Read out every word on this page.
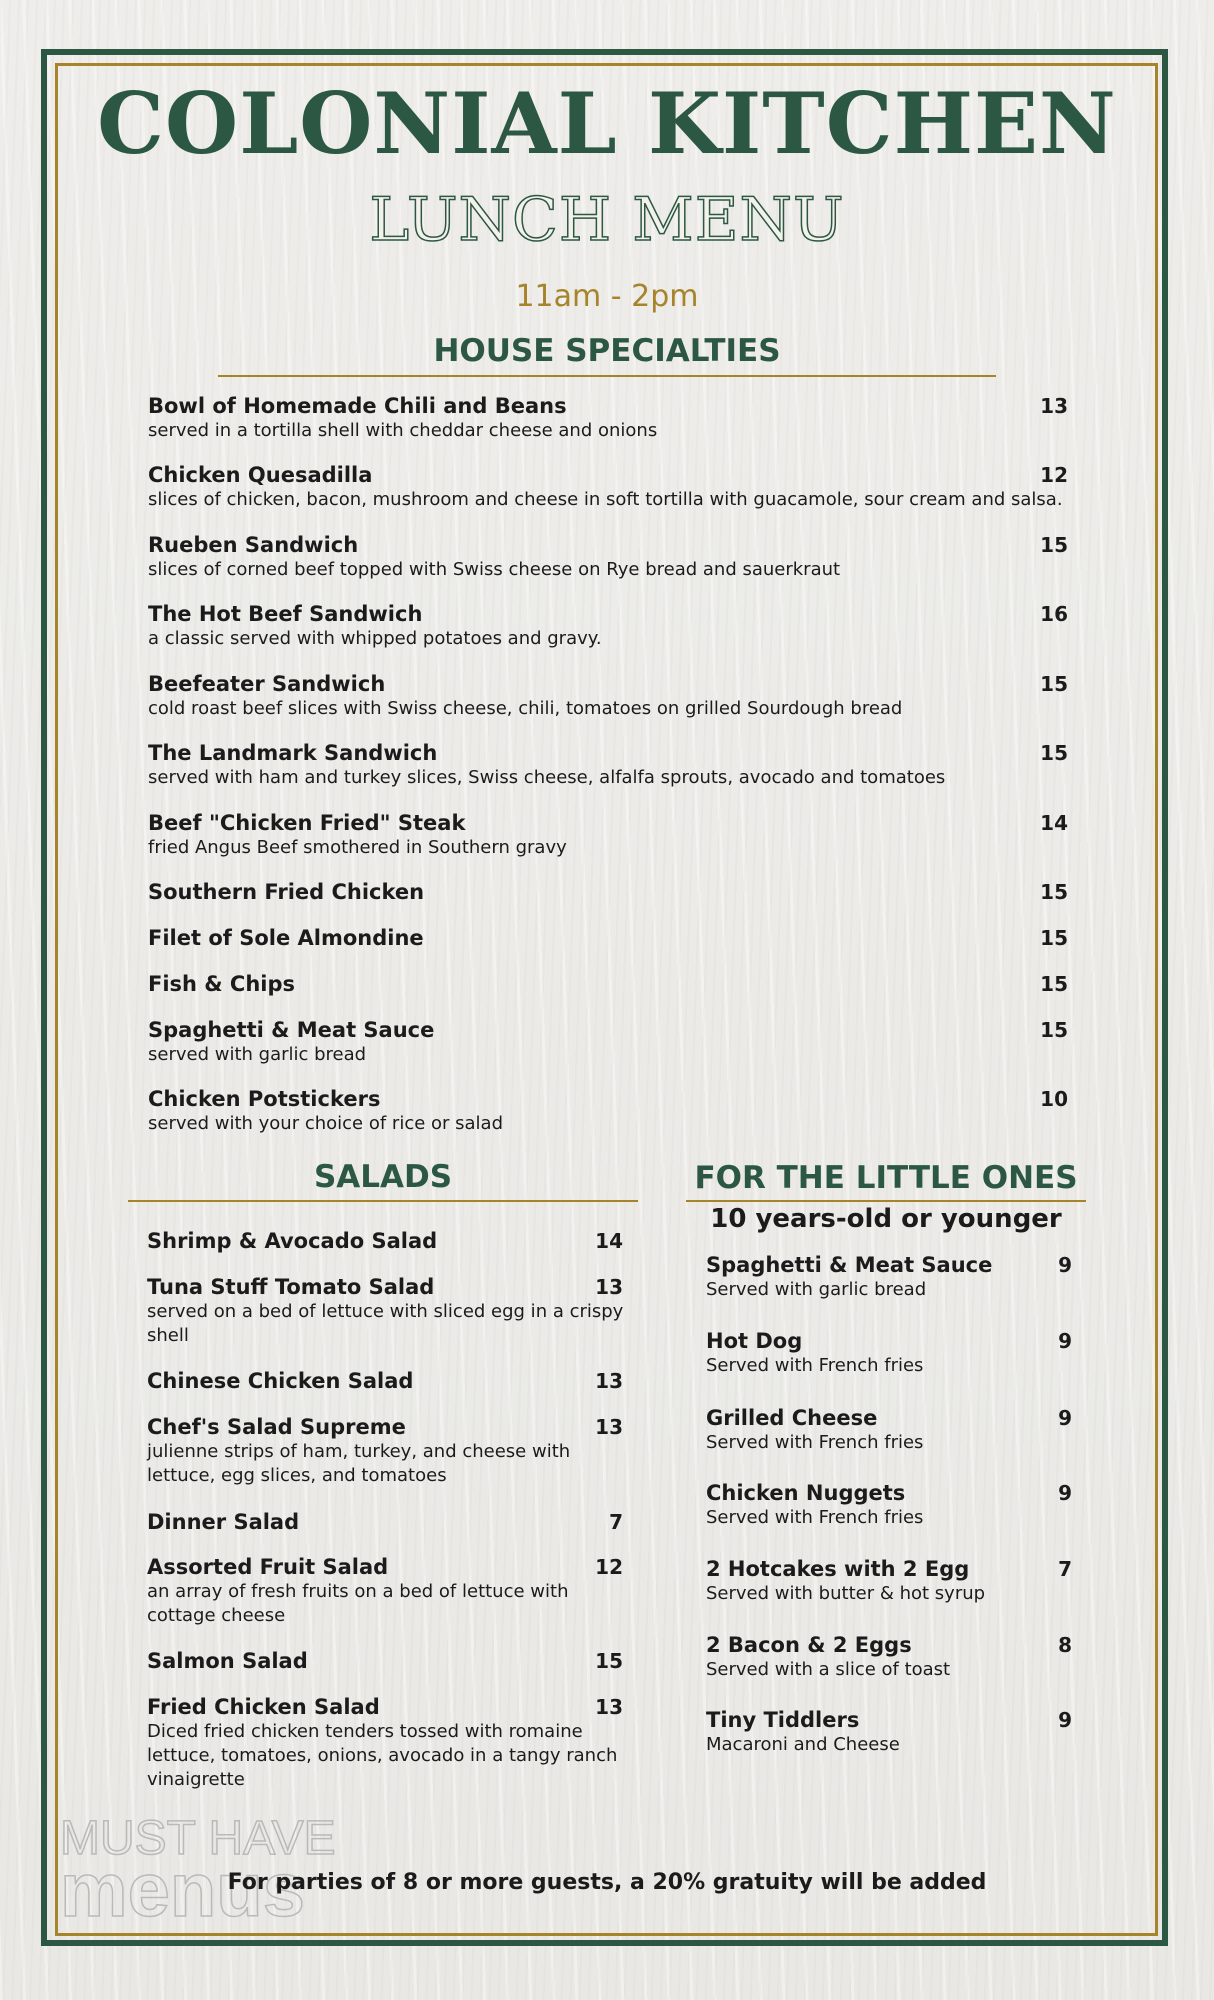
COLONIAL KITCHEN
LUNCH MENU
11am - 2pm
HOUSE SPECIALTIES
Bowl of Homemade Chili and Beans
served in a tortilla shell with cheddar cheese and onions
13
Chicken Quesadilla
slices of chicken, bacon, mushroom and cheese in soft tortilla with guacamole, sour cream and salsa.
12
Rueben Sandwich
slices of corned beef topped with Swiss cheese on Rye bread and sauerkraut
15
The Hot Beef Sandwich
a classic served with whipped potatoes and gravy.
16
Beefeater Sandwich
cold roast beef slices with Swiss cheese, chili, tomatoes on grilled Sourdough bread
15
The Landmark Sandwich
served with ham and turkey slices, Swiss cheese, alfalfa sprouts, avocado and tomatoes
15
Beef "Chicken Fried" Steak
fried Angus Beef smothered in Southern gravy
14
Southern Fried Chicken	15
Filet of Sole Almondine	15
Fish & Chips	15
Spaghetti & Meat Sauce
served with garlic bread
15
Chicken Potstickers
served with your choice of rice or salad
10
SALADS
Shrimp & Avocado Salad	14
Tuna Stuff Tomato Salad
served on a bed of lettuce with sliced egg in a crispy shell
13
Chinese Chicken Salad	13
Chef's Salad Supreme
julienne strips of ham, turkey, and cheese with lettuce, egg slices, and tomatoes
13
Dinner Salad	7
Assorted Fruit Salad
an array of fresh fruits on a bed of lettuce with cottage cheese
12
Salmon Salad	15
Fried Chicken Salad
Diced fried chicken tenders tossed with romaine lettuce, tomatoes, onions, avocado in a tangy ranch vinaigrette
13
FOR THE LITTLE ONES
10 years-old or younger
Spaghetti & Meat Sauce
Served with garlic bread
9
Hot Dog
Served with French fries
9
Grilled Cheese
Served with French fries
9
Chicken Nuggets
Served with French fries
9
2 Hotcakes with 2 Egg
Served with butter & hot syrup
7
2 Bacon & 2 Eggs
Served with a slice of toast
8
Tiny Tiddlers
Macaroni and Cheese
9
MUST HAVE
menus
For parties of 8 or more guests, a 20% gratuity will be added
